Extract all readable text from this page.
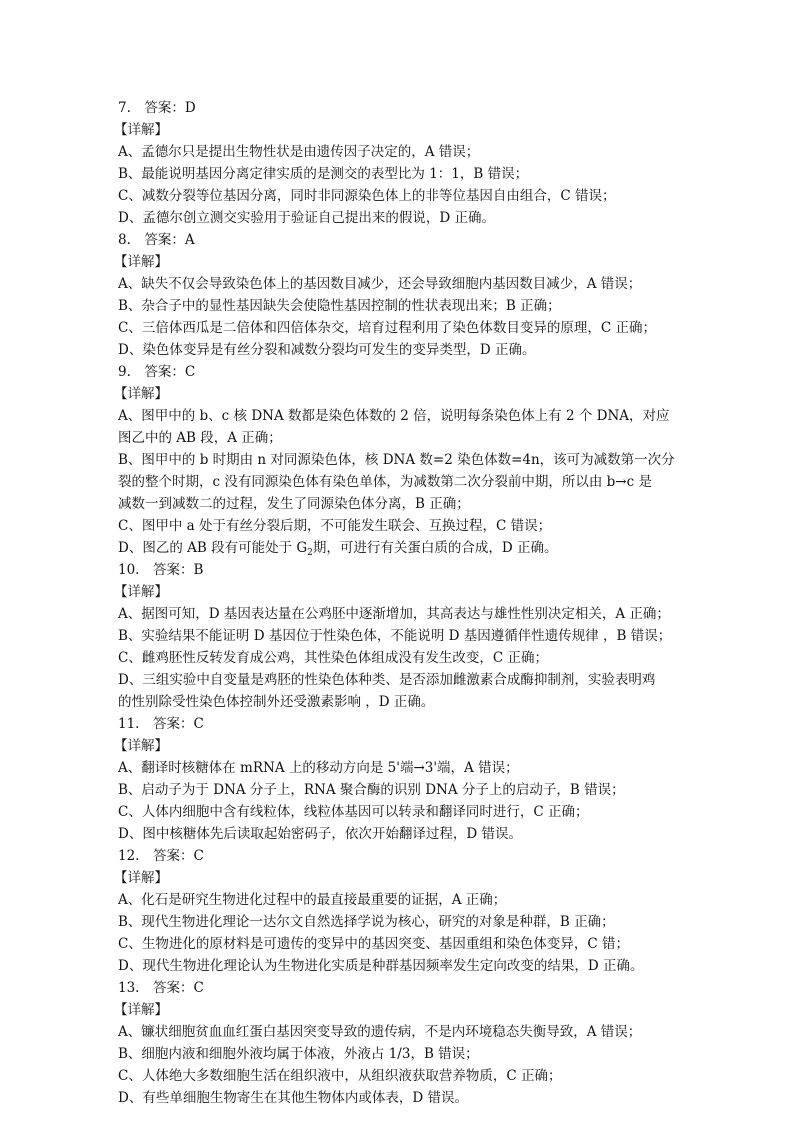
7.　答案：D
【详解】
A、孟德尔只是提出生物性状是由遗传因子决定的，A 错误；
B、最能说明基因分离定律实质的是测交的表型比为 1：1，B 错误；
C、减数分裂等位基因分离，同时非同源染色体上的非等位基因自由组合，C 错误；
D、孟德尔创立测交实验用于验证自己提出来的假说，D 正确。
8.　答案：A
【详解】
A、缺失不仅会导致染色体上的基因数目减少，还会导致细胞内基因数目减少，A 错误；
B、杂合子中的显性基因缺失会使隐性基因控制的性状表现出来；B 正确；
C、三倍体西瓜是二倍体和四倍体杂交，培育过程利用了染色体数目变异的原理，C 正确；
D、染色体变异是有丝分裂和减数分裂均可发生的变异类型，D 正确。
9.　答案：C
【详解】
A、图甲中的 b、c 核 DNA 数都是染色体数的 2 倍，说明每条染色体上有 2 个 DNA，对应
图乙中的 AB 段，A 正确；
B、图甲中的 b 时期由 n 对同源染色体，核 DNA 数=2 染色体数=4n，该可为减数第一次分
裂的整个时期，c 没有同源染色体有染色单体，为减数第二次分裂前中期，所以由 b→c 是
减数一到减数二的过程，发生了同源染色体分离，B 正确；
C、图甲中 a 处于有丝分裂后期，不可能发生联会、互换过程，C 错误；
D、图乙的 AB 段有可能处于 $G_2$期，可进行有关蛋白质的合成，D 正确。
10.　答案：B
【详解】
A、据图可知，D 基因表达量在公鸡胚中逐渐增加，其高表达与雄性性别决定相关，A 正确；
B、实验结果不能证明 D 基因位于性染色体，不能说明 D 基因遵循伴性遗传规律 ，B 错误；
C、雌鸡胚性反转发育成公鸡，其性染色体组成没有发生改变，C 正确；
D、三组实验中自变量是鸡胚的性染色体种类、是否添加雌激素合成酶抑制剂，实验表明鸡
的性别除受性染色体控制外还受激素影响 ，D 正确。
11.　答案：C
【详解】
A、翻译时核糖体在 mRNA 上的移动方向是 5'端→3'端，A 错误；
B、启动子为于 DNA 分子上，RNA 聚合酶的识别 DNA 分子上的启动子，B 错误；
C、人体内细胞中含有线粒体，线粒体基因可以转录和翻译同时进行，C 正确；
D、图中核糖体先后读取起始密码子，依次开始翻译过程，D 错误。
12.　答案：C
【详解】
A、化石是研究生物进化过程中的最直接最重要的证据，A 正确；
B、现代生物进化理论一达尔文自然选择学说为核心，研究的对象是种群，B 正确；
C、生物进化的原材料是可遗传的变异中的基因突变、基因重组和染色体变异，C 错；
D、现代生物进化理论认为生物进化实质是种群基因频率发生定向改变的结果，D 正确。
13.　答案：C
【详解】
A、镰状细胞贫血血红蛋白基因突变导致的遗传病，不是内环境稳态失衡导致，A 错误；
B、细胞内液和细胞外液均属于体液，外液占 1/3，B 错误；
C、人体绝大多数细胞生活在组织液中，从组织液获取营养物质，C 正确；
D、有些单细胞生物寄生在其他生物体内或体表，D 错误。
